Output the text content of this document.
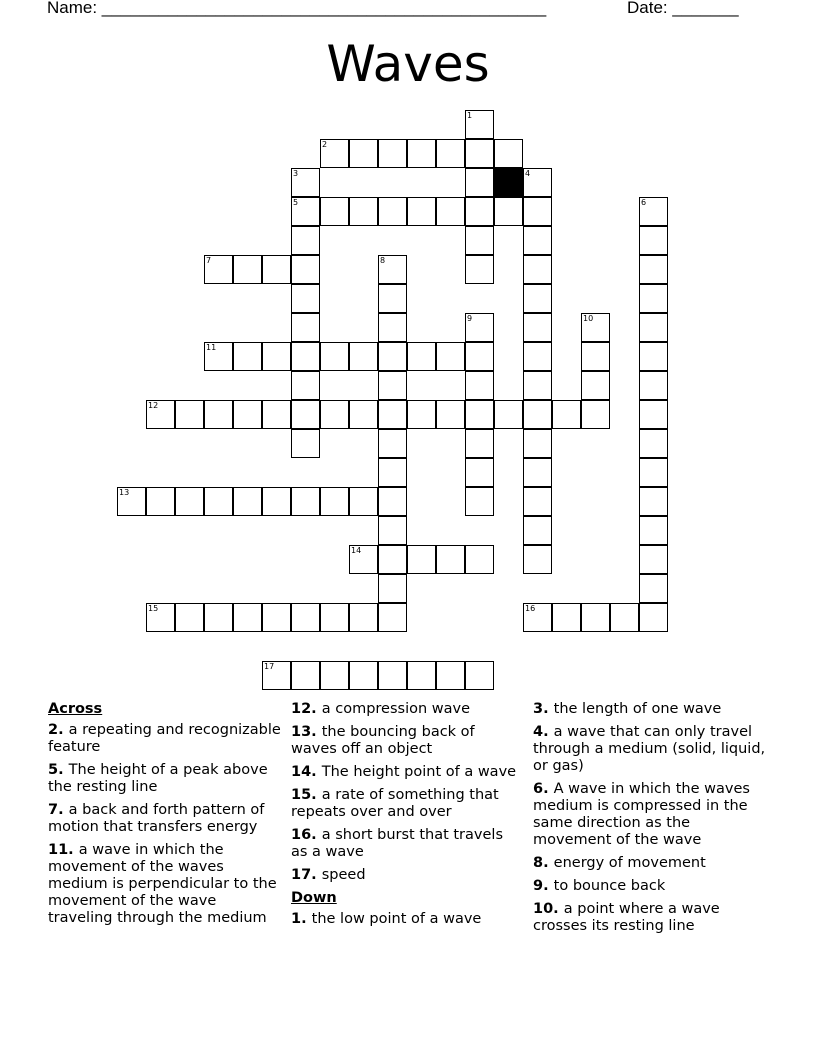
Name: _______________________________________________	Date: _______
Waves
1
2
3	4
5	6
7	8
9	10
11
12
13
14
15	16
17
Across
2. a repeating and recognizable feature
5. The height of a peak above the resting line
7. a back and forth pattern of motion that transfers energy
11. a wave in which the movement of the waves medium is perpendicular to the movement of the wave traveling through the medium
12. a compression wave
13. the bouncing back of waves off an object
14. The height point of a wave
15. a rate of something that repeats over and over
16. a short burst that travels as a wave
17. speed
Down
1. the low point of a wave
3. the length of one wave
4. a wave that can only travel through a medium (solid, liquid, or gas)
6. A wave in which the waves medium is compressed in the same direction as the movement of the wave
8. energy of movement
9. to bounce back
10. a point where a wave crosses its resting line
